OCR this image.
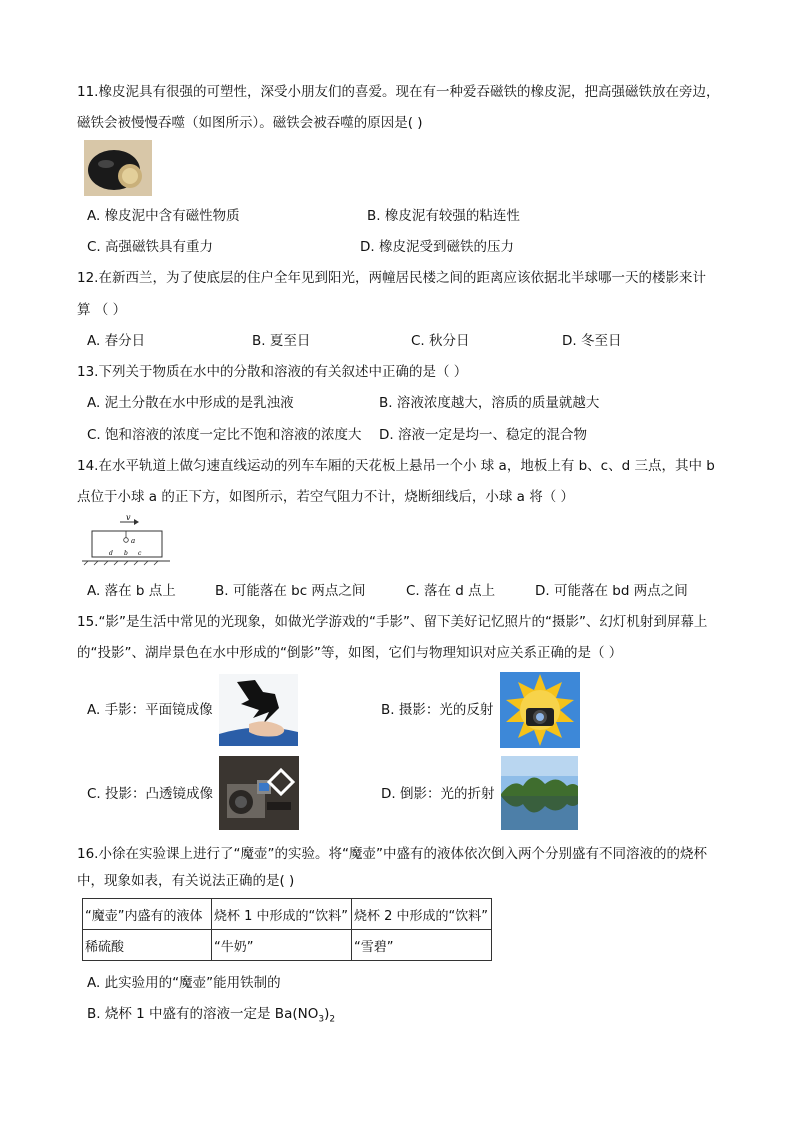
11.橡皮泥具有很强的可塑性，深受小朋友们的喜爱。现在有一种爱吞磁铁的橡皮泥，把高强磁铁放在旁边，
磁铁会被慢慢吞噬（如图所示）。磁铁会被吞噬的原因是( )
A. 橡皮泥中含有磁性物质	B. 橡皮泥有较强的粘连性
C. 高强磁铁具有重力	D. 橡皮泥受到磁铁的压力
12.在新西兰，为了使底层的住户全年见到阳光，两幢居民楼之间的距离应该依据北半球哪一天的楼影来计
算 （ ）
A. 春分日	B. 夏至日	C. 秋分日	D. 冬至日
13.下列关于物质在水中的分散和溶液的有关叙述中正确的是（ ）
A. 泥土分散在水中形成的是乳浊液	B. 溶液浓度越大，溶质的质量就越大
C. 饱和溶液的浓度一定比不饱和溶液的浓度大 D. 溶液一定是均一、稳定的混合物
14.在水平轨道上做匀速直线运动的列车车厢的天花板上悬吊一个小 球 a，地板上有 b、c、d 三点，其中 b
点位于小球 a 的正下方，如图所示，若空气阻力不计，烧断细线后，小球 a 将（ ）
v
a
d b c
A. 落在 b 点上	B. 可能落在 bc 两点之间	C. 落在 d 点上	D. 可能落在 bd 两点之间
15.“影”是生活中常见的光现象，如做光学游戏的“手影”、留下美好记忆照片的“摄影”、幻灯机射到屏幕上
的“投影”、湖岸景色在水中形成的“倒影”等，如图，它们与物理知识对应关系正确的是（ ）
A. 手影：平面镜成像	B. 摄影：光的反射
C. 投影：凸透镜成像	D. 倒影：光的折射
16.小徐在实验课上进行了“魔壶”的实验。将“魔壶”中盛有的液体依次倒入两个分别盛有不同溶液的的烧杯
中，现象如表，有关说法正确的是( )
“魔壶”内盛有的液体	烧杯 1 中形成的“饮料”	烧杯 2 中形成的“饮料”
稀硫酸	“牛奶”	“雪碧”
A. 此实验用的“魔壶”能用铁制的
B. 烧杯 1 中盛有的溶液一定是 $Ba(NO_3)_2$
